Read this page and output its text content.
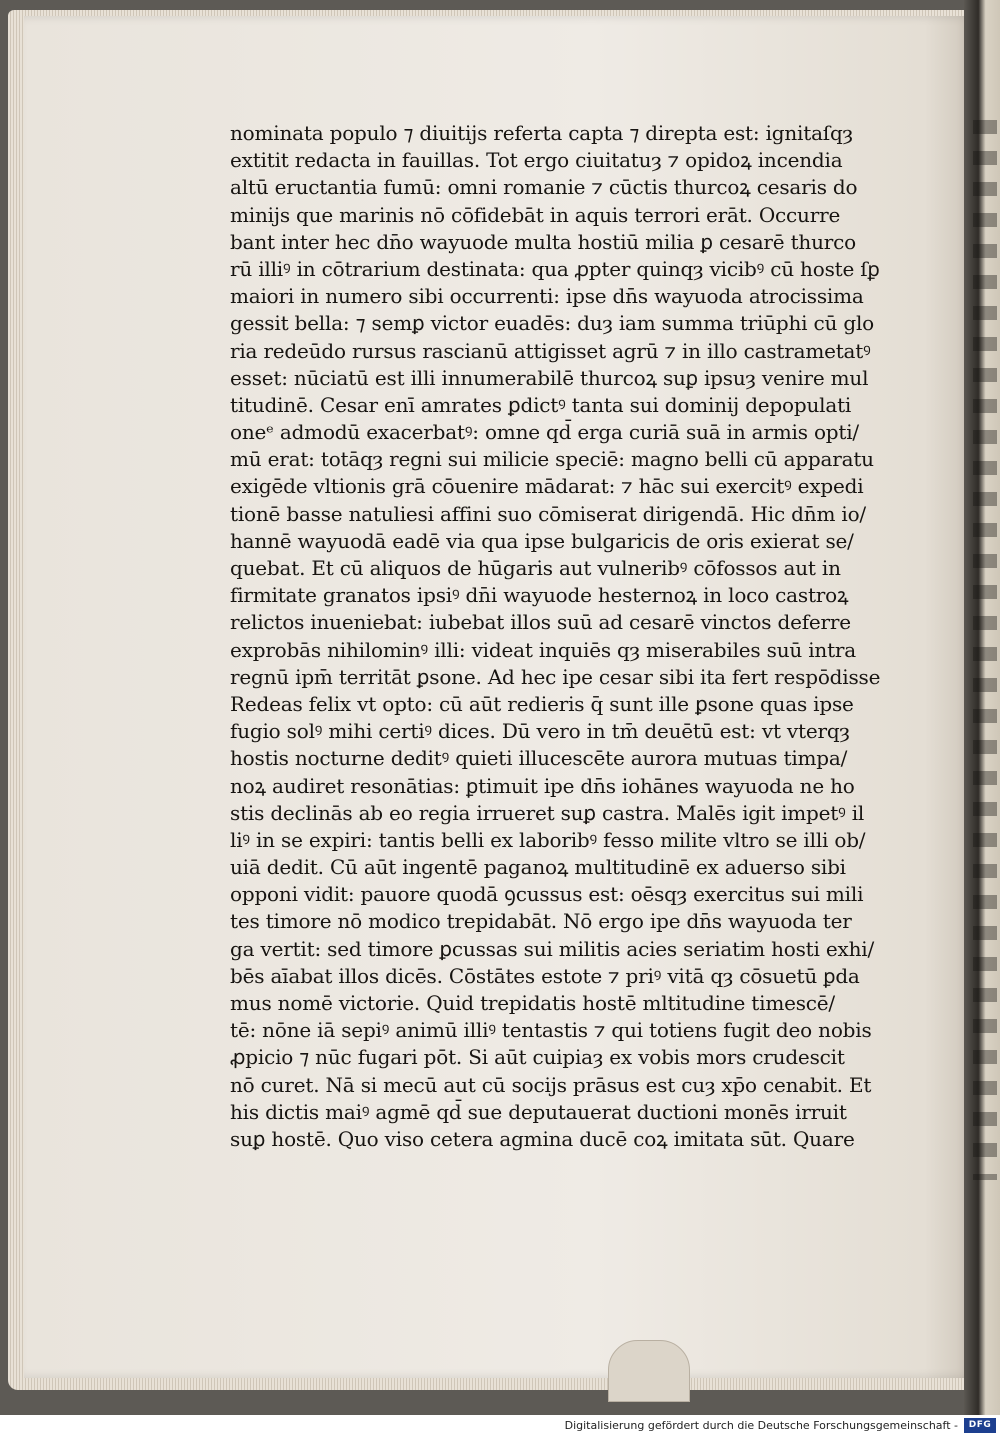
nominata populo ⁊ diuitijs referta capta ⁊ direpta est: ignitaſqȝ
extitit redacta in fauillas. Tot ergo ciuitatuȝ ⁊ opidoꝝ incendia
altū eructantia fumū: omni romanie ⁊ cūctis thurcoꝝ cesaris do
minijs que marinis nō cōfidebāt in aquis terrori erāt. Occurre
bant inter hec dn̄o wayuode multa hostiū milia ꝑ cesarē thurco
rū illiꝰ in cōtrarium destinata: qua ꝓpter quinqȝ vicibꝰ cū hoste ſꝑ
maiori in numero sibi occurrenti: ipse dn̄s wayuoda atrocissima
gessit bella: ⁊ semꝑ victor euadēs: duȝ iam summa triūphi cū glo
ria redeūdo rursus rascianū attigisset agrū ⁊ in illo castrametatꝰ
esset: nūciatū est illi innumerabilē thurcoꝝ suꝑ ipsuȝ venire mul
titudinē. Cesar enī amrates ꝑdictꝰ tanta sui dominij depopulati
oneᵉ admodū exacerbatꝰ: omne qd̄ erga curiā suā in armis opti/
mū erat: totāqȝ regni sui milicie speciē: magno belli cū apparatu
exigēde vltionis grā cōuenire mādarat: ⁊ hāc sui exercitꝰ expedi
tionē basse natuliesi affini suo cōmiserat dirigendā. Hic dn̄m io/
hannē wayuodā eadē via qua ipse bulgaricis de oris exierat se/
quebat. Et cū aliquos de hūgaris aut vulneribꝰ cōfossos aut in
firmitate granatos ipsiꝰ dn̄i wayuode hesternoꝝ in loco castroꝝ
relictos inueniebat: iubebat illos suū ad cesarē vinctos deferre
exprobās nihilominꝰ illi: videat inquiēs qȝ miserabiles suū intra
regnū ipm̄ territāt ꝑsone. Ad hec ipe cesar sibi ita fert respōdisse
Redeas felix vt opto: cū aūt redieris q̄ sunt ille ꝑsone quas ipse
fugio solꝰ mihi certiꝰ dices. Dū vero in tm̄ deuētū est: vt vterqȝ
hostis nocturne deditꝰ quieti illucescēte aurora mutuas timpa/
noꝝ audiret resonātias: ꝑtimuit ipe dn̄s iohānes wayuoda ne ho
stis declinās ab eo regia irrueret suꝑ castra. Malēs igit impetꝰ il
liꝰ in se expiri: tantis belli ex laboribꝰ fesso milite vltro se illi ob/
uiā dedit. Cū aūt ingentē paganoꝝ multitudinē ex aduerso sibi
opponi vidit: pauore quodā ꝯcussus est: oēsqȝ exercitus sui mili
tes timore nō modico trepidabāt. Nō ergo ipe dn̄s wayuoda ter
ga vertit: sed timore ꝑcussas sui militis acies seriatim hosti exhi/
bēs aīabat illos dicēs. Cōstātes estote ⁊ priꝰ vitā qȝ cōsuetū ꝑda
mus nomē victorie. Quid trepidatis hostē mltitudine timescē/
tē: nōne iā sepiꝰ animū illiꝰ tentastis ⁊ qui totiens fugit deo nobis
ꝓpicio ⁊ nūc fugari pōt. Si aūt cuipiaȝ ex vobis mors crudescit
nō curet. Nā si mecū aut cū socijs prāsus est cuȝ xp̄o cenabit. Et
his dictis maiꝰ agmē qd̄ sue deputauerat ductioni monēs irruit
suꝑ hostē. Quo viso cetera agmina ducē coꝝ imitata sūt. Quare
Digitalisierung gefördert durch die Deutsche Forschungsgemeinschaft -	DFG
